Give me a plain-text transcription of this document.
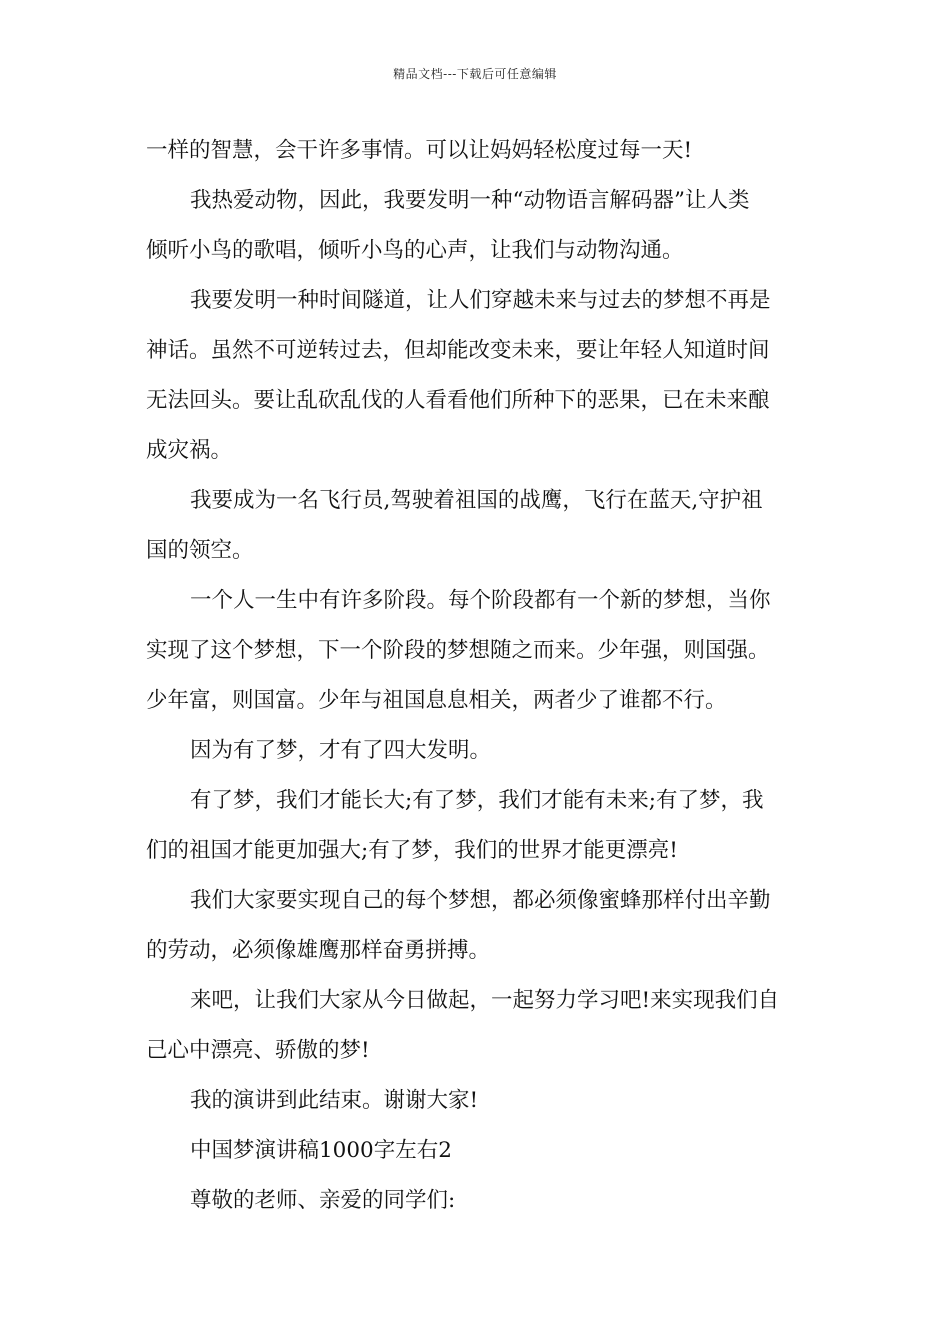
精品文档---下载后可任意编辑

一样的智慧，会干许多事情。可以让妈妈轻松度过每一天!

我热爱动物，因此，我要发明一种“动物语言解码器”让人类
倾听小鸟的歌唱，倾听小鸟的心声，让我们与动物沟通。

我要发明一种时间隧道，让人们穿越未来与过去的梦想不再是
神话。虽然不可逆转过去，但却能改变未来，要让年轻人知道时间
无法回头。要让乱砍乱伐的人看看他们所种下的恶果，已在未来酿
成灾祸。

我要成为一名飞行员,驾驶着祖国的战鹰，飞行在蓝天,守护祖
国的领空。

一个人一生中有许多阶段。每个阶段都有一个新的梦想，当你
实现了这个梦想，下一个阶段的梦想随之而来。少年强，则国强。
少年富，则国富。少年与祖国息息相关，两者少了谁都不行。

因为有了梦，才有了四大发明。

有了梦，我们才能长大;有了梦，我们才能有未来;有了梦，我
们的祖国才能更加强大;有了梦，我们的世界才能更漂亮!

我们大家要实现自己的每个梦想，都必须像蜜蜂那样付出辛勤
的劳动，必须像雄鹰那样奋勇拼搏。

来吧，让我们大家从今日做起，一起努力学习吧!来实现我们自
己心中漂亮、骄傲的梦!

我的演讲到此结束。谢谢大家!

中国梦演讲稿1000字左右2

尊敬的老师、亲爱的同学们:
